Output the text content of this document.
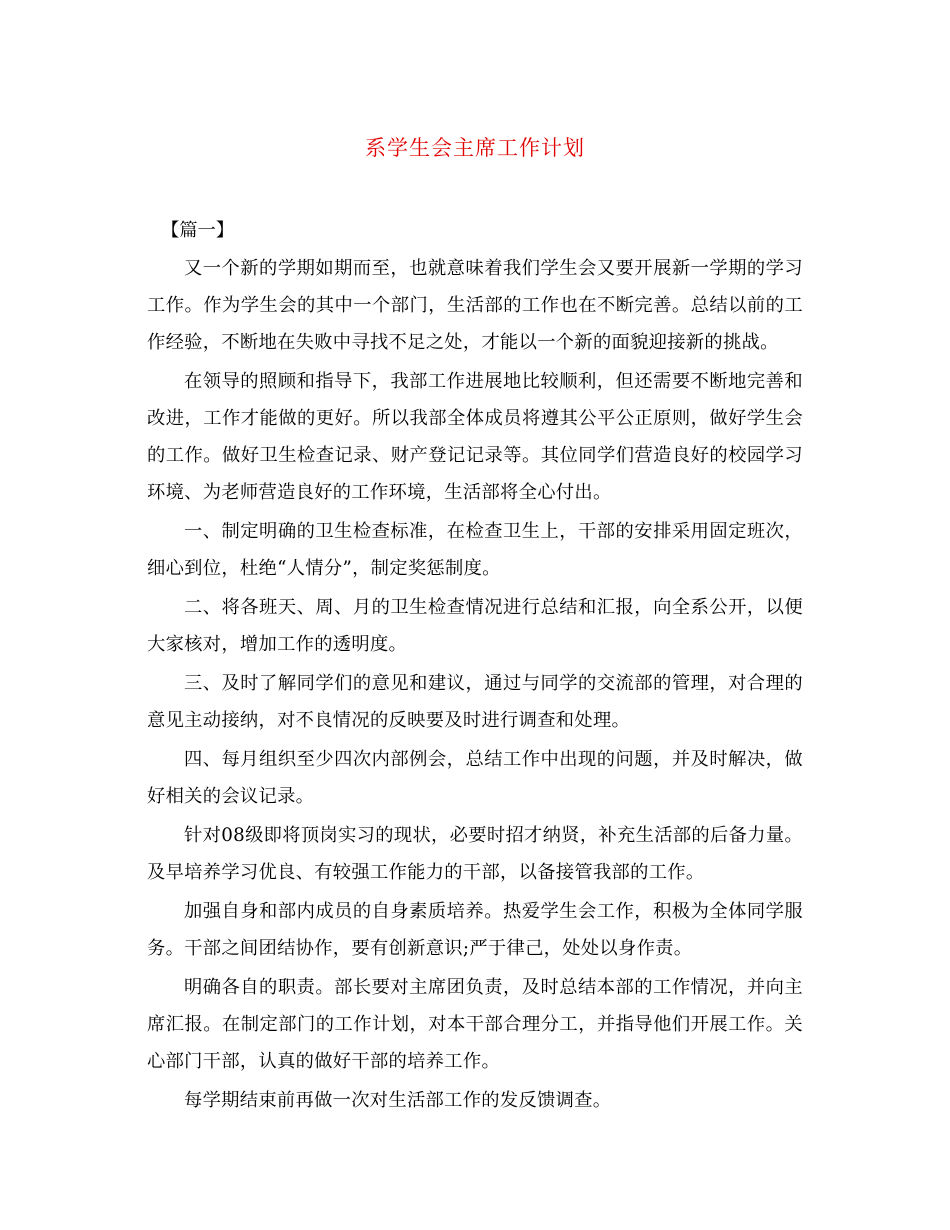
系学生会主席工作计划
【篇一】

又一个新的学期如期而至，也就意味着我们学生会又要开展新一学期的学习工作。作为学生会的其中一个部门，生活部的工作也在不断完善。总结以前的工作经验，不断地在失败中寻找不足之处，才能以一个新的面貌迎接新的挑战。

在领导的照顾和指导下，我部工作进展地比较顺利，但还需要不断地完善和改进，工作才能做的更好。所以我部全体成员将遵其公平公正原则，做好学生会的工作。做好卫生检查记录、财产登记记录等。其位同学们营造良好的校园学习环境、为老师营造良好的工作环境，生活部将全心付出。

一、制定明确的卫生检查标准，在检查卫生上，干部的安排采用固定班次，细心到位，杜绝“人情分”，制定奖惩制度。

二、将各班天、周、月的卫生检查情况进行总结和汇报，向全系公开，以便大家核对，增加工作的透明度。

三、及时了解同学们的意见和建议，通过与同学的交流部的管理，对合理的意见主动接纳，对不良情况的反映要及时进行调查和处理。

四、每月组织至少四次内部例会，总结工作中出现的问题，并及时解决，做好相关的会议记录。

针对08级即将顶岗实习的现状，必要时招才纳贤，补充生活部的后备力量。及早培养学习优良、有较强工作能力的干部，以备接管我部的工作。

加强自身和部内成员的自身素质培养。热爱学生会工作，积极为全体同学服务。干部之间团结协作，要有创新意识;严于律己，处处以身作责。

明确各自的职责。部长要对主席团负责，及时总结本部的工作情况，并向主席汇报。在制定部门的工作计划，对本干部合理分工，并指导他们开展工作。关心部门干部，认真的做好干部的培养工作。

每学期结束前再做一次对生活部工作的发反馈调查。
